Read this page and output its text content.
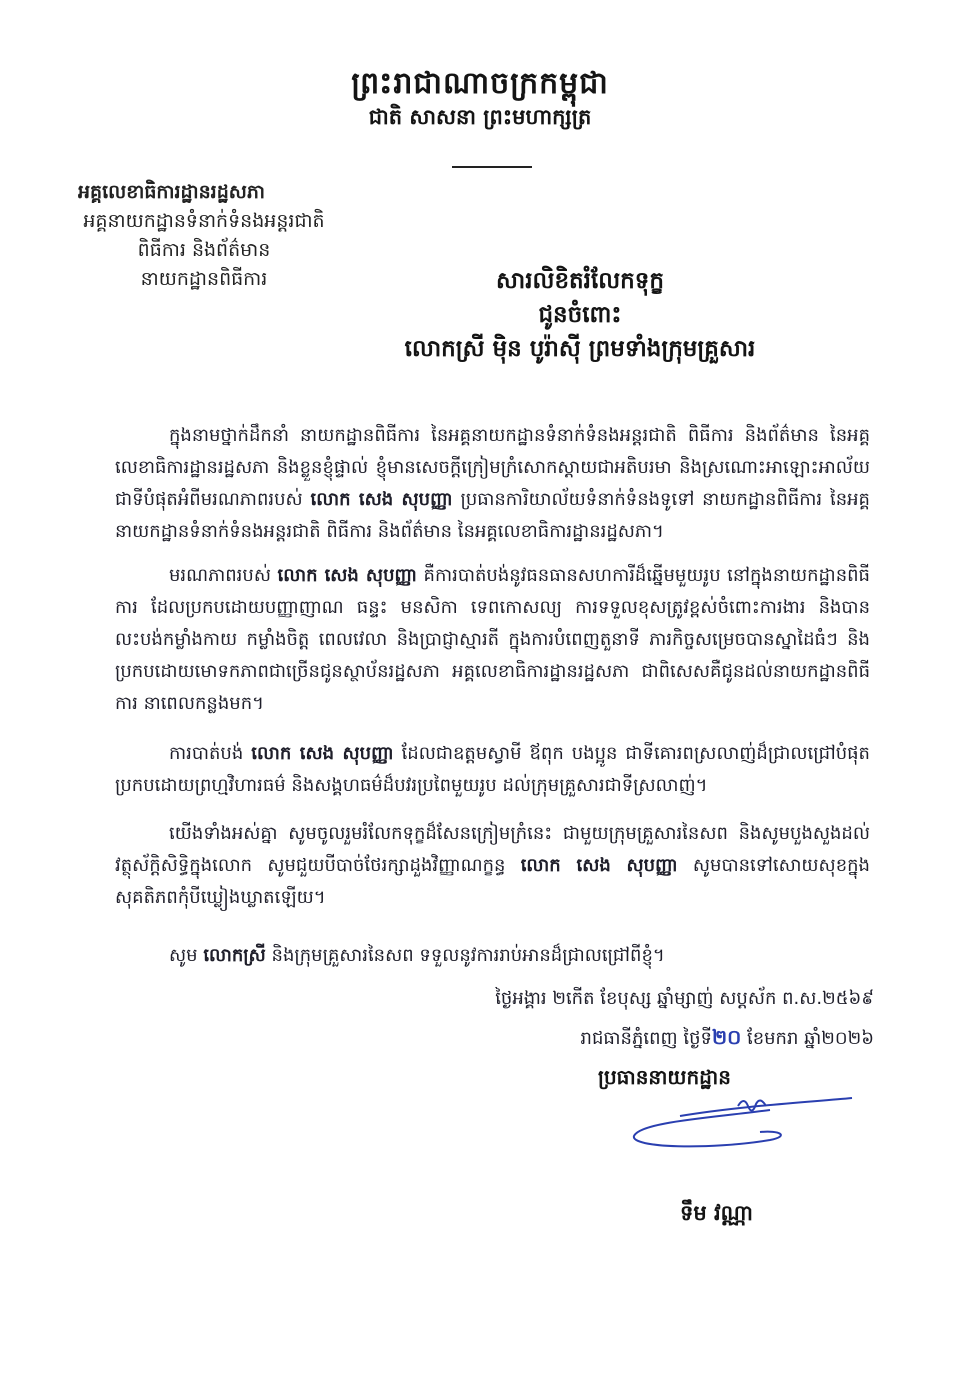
ព្រះរាជាណាចក្រកម្ពុជា
ជាតិ សាសនា ព្រះមហាក្សត្រ
អគ្គលេខាធិការដ្ឋានរដ្ឋសភា
អគ្គនាយកដ្ឋានទំនាក់ទំនងអន្តរជាតិ
ពិធីការ និងព័ត៌មាន
នាយកដ្ឋានពិធីការ	សារលិខិតរំលែកទុក្ខ
ជូនចំពោះ
លោកស្រី ម៉ិន បូរ៉ាស៊ី ព្រមទាំងក្រុមគ្រួសារ

ក្នុងនាមថ្នាក់ដឹកនាំ នាយកដ្ឋានពិធីការ នៃអគ្គនាយកដ្ឋានទំនាក់ទំនងអន្តរជាតិ ពិធីការ និងព័ត៌មាន នៃអគ្គលេខាធិការដ្ឋានរដ្ឋសភា និងខ្លួនខ្ញុំផ្ទាល់ ខ្ញុំមានសេចក្តីក្រៀមក្រំសោកស្តាយជាអតិបរមា និងស្រណោះអាឡោះអាល័យជាទីបំផុតអំពីមរណភាពរបស់ លោក សេង សុបញ្ញា ប្រធានការិយាល័យទំនាក់ទំនងទូទៅ នាយកដ្ឋានពិធីការ នៃអគ្គនាយកដ្ឋានទំនាក់ទំនងអន្តរជាតិ ពិធីការ និងព័ត៌មាន នៃអគ្គលេខាធិការដ្ឋានរដ្ឋសភា។

មរណភាពរបស់ លោក សេង សុបញ្ញា គឺការបាត់បង់នូវធនធានសហការីដ៏ឆ្នើមមួយរូប នៅក្នុងនាយកដ្ឋានពិធីការ ដែលប្រកបដោយបញ្ញាញាណ ធន្ទះ មនសិកា ទេពកោសល្យ ការទទួលខុសត្រូវខ្ពស់ចំពោះការងារ និងបានលះបង់កម្លាំងកាយ កម្លាំងចិត្ត ពេលវេលា និងប្រាជ្ញាស្មារតី ក្នុងការបំពេញតួនាទី ភារកិច្ចសម្រេចបានស្នាដៃធំៗ និងប្រកបដោយមោទកភាពជាច្រើនជូនស្ថាប័នរដ្ឋសភា អគ្គលេខាធិការដ្ឋានរដ្ឋសភា ជាពិសេសគឺជូនដល់នាយកដ្ឋានពិធីការ នាពេលកន្លងមក។

ការបាត់បង់ លោក សេង សុបញ្ញា ដែលជាឧត្តមស្វាមី ឪពុក បងប្អូន ជាទីគោរពស្រលាញ់ដ៏ជ្រាលជ្រៅបំផុត ប្រកបដោយព្រហ្មវិហារធម៌ និងសង្គហធម៌ដ៏បវរប្រពៃមួយរូប ដល់ក្រុមគ្រួសារជាទីស្រលាញ់។

យើងទាំងអស់គ្នា សូមចូលរួមរំលែកទុក្ខដ៏សែនក្រៀមក្រំនេះ ជាមួយក្រុមគ្រួសារនៃសព និងសូមបួងសួងដល់វត្ថុស័ក្តិសិទ្ធិក្នុងលោក សូមជួយបីបាច់ថែរក្សាដួងវិញ្ញាណក្ខន្ធ លោក សេង សុបញ្ញា សូមបានទៅសោយសុខក្នុងសុគតិភពកុំបីឃ្លៀងឃ្លាតឡើយ។

សូម លោកស្រី និងក្រុមគ្រួសារនៃសព ទទួលនូវការរាប់អានដ៏ជ្រាលជ្រៅពីខ្ញុំ។

ថ្ងៃអង្គារ ២កើត ខែបុស្ស ឆ្នាំម្សាញ់ សប្តស័ក ព.ស.២៥៦៩
រាជធានីភ្នំពេញ ថ្ងៃទី២០ ខែមករា ឆ្នាំ២០២៦
ប្រធាននាយកដ្ឋាន
ទឹម វណ្ណា
